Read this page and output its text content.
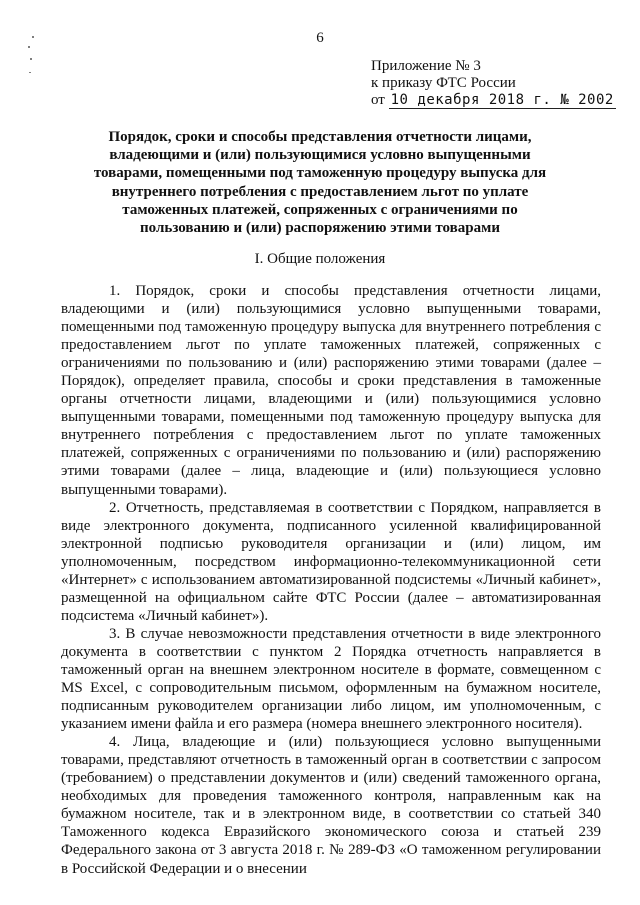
6
Приложение № 3
к приказу ФТС России
от 10 декабря 2018 г. № 2002
Порядок, сроки и способы представления отчетности лицами, владеющими и (или) пользующимися условно выпущенными товарами, помещенными под таможенную процедуру выпуска для внутреннего потребления с предоставлением льгот по уплате таможенных платежей, сопряженных с ограничениями по пользованию и (или) распоряжению этими товарами
I. Общие положения

1. Порядок, сроки и способы представления отчетности лицами, владеющими и (или) пользующимися условно выпущенными товарами, помещенными под таможенную процедуру выпуска для внутреннего потребления с предоставлением льгот по уплате таможенных платежей, сопряженных с ограничениями по пользованию и (или) распоряжению этими товарами (далее – Порядок), определяет правила, способы и сроки представления в таможенные органы отчетности лицами, владеющими и (или) пользующимися условно выпущенными товарами, помещенными под таможенную процедуру выпуска для внутреннего потребления с предоставлением льгот по уплате таможенных платежей, сопряженных с ограничениями по пользованию и (или) распоряжению этими товарами (далее – лица, владеющие и (или) пользующиеся условно выпущенными товарами).

2. Отчетность, представляемая в соответствии с Порядком, направляется в виде электронного документа, подписанного усиленной квалифицированной электронной подписью руководителя организации и (или) лицом, им уполномоченным, посредством информационно-телекоммуникационной сети «Интернет» с использованием автоматизированной подсистемы «Личный кабинет», размещенной на официальном сайте ФТС России (далее – автоматизированная подсистема «Личный кабинет»).

3. В случае невозможности представления отчетности в виде электронного документа в соответствии с пунктом 2 Порядка отчетность направляется в таможенный орган на внешнем электронном носителе в формате, совмещенном с MS Excel, с сопроводительным письмом, оформленным на бумажном носителе, подписанным руководителем организации либо лицом, им уполномоченным, с указанием имени файла и его размера (номера внешнего электронного носителя).

4. Лица, владеющие и (или) пользующиеся условно выпущенными товарами, представляют отчетность в таможенный орган в соответствии с запросом (требованием) о представлении документов и (или) сведений таможенного органа, необходимых для проведения таможенного контроля, направленным как на бумажном носителе, так и в электронном виде, в соответствии со статьей 340 Таможенного кодекса Евразийского экономического союза и статьей 239 Федерального закона от 3 августа 2018 г. № 289-ФЗ «О таможенном регулировании в Российской Федерации и о внесении
